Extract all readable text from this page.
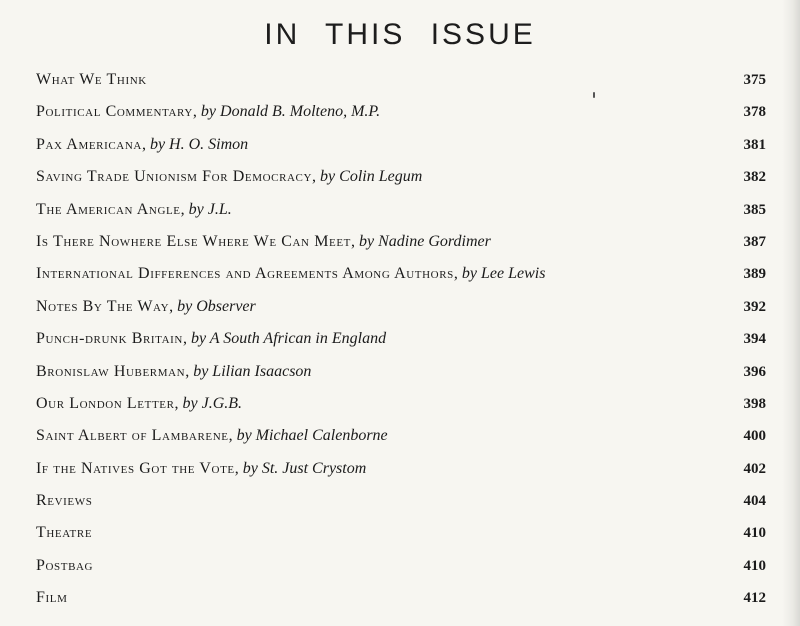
IN THIS ISSUE
What We Think	375
Political Commentary, by Donald B. Molteno, M.P.	378
Pax Americana, by H. O. Simon	381
Saving Trade Unionism For Democracy, by Colin Legum	382
The American Angle, by J.L.	385
Is There Nowhere Else Where We Can Meet, by Nadine Gordimer	387
International Differences and Agreements Among Authors, by Lee Lewis	389
Notes By The Way, by Observer	392
Punch-drunk Britain, by A South African in England	394
Bronislaw Huberman, by Lilian Isaacson	396
Our London Letter, by J.G.B.	398
Saint Albert of Lambarene, by Michael Calenborne	400
If the Natives Got the Vote, by St. Just Crystom	402
Reviews	404
Theatre	410
Postbag	410
Film	412
